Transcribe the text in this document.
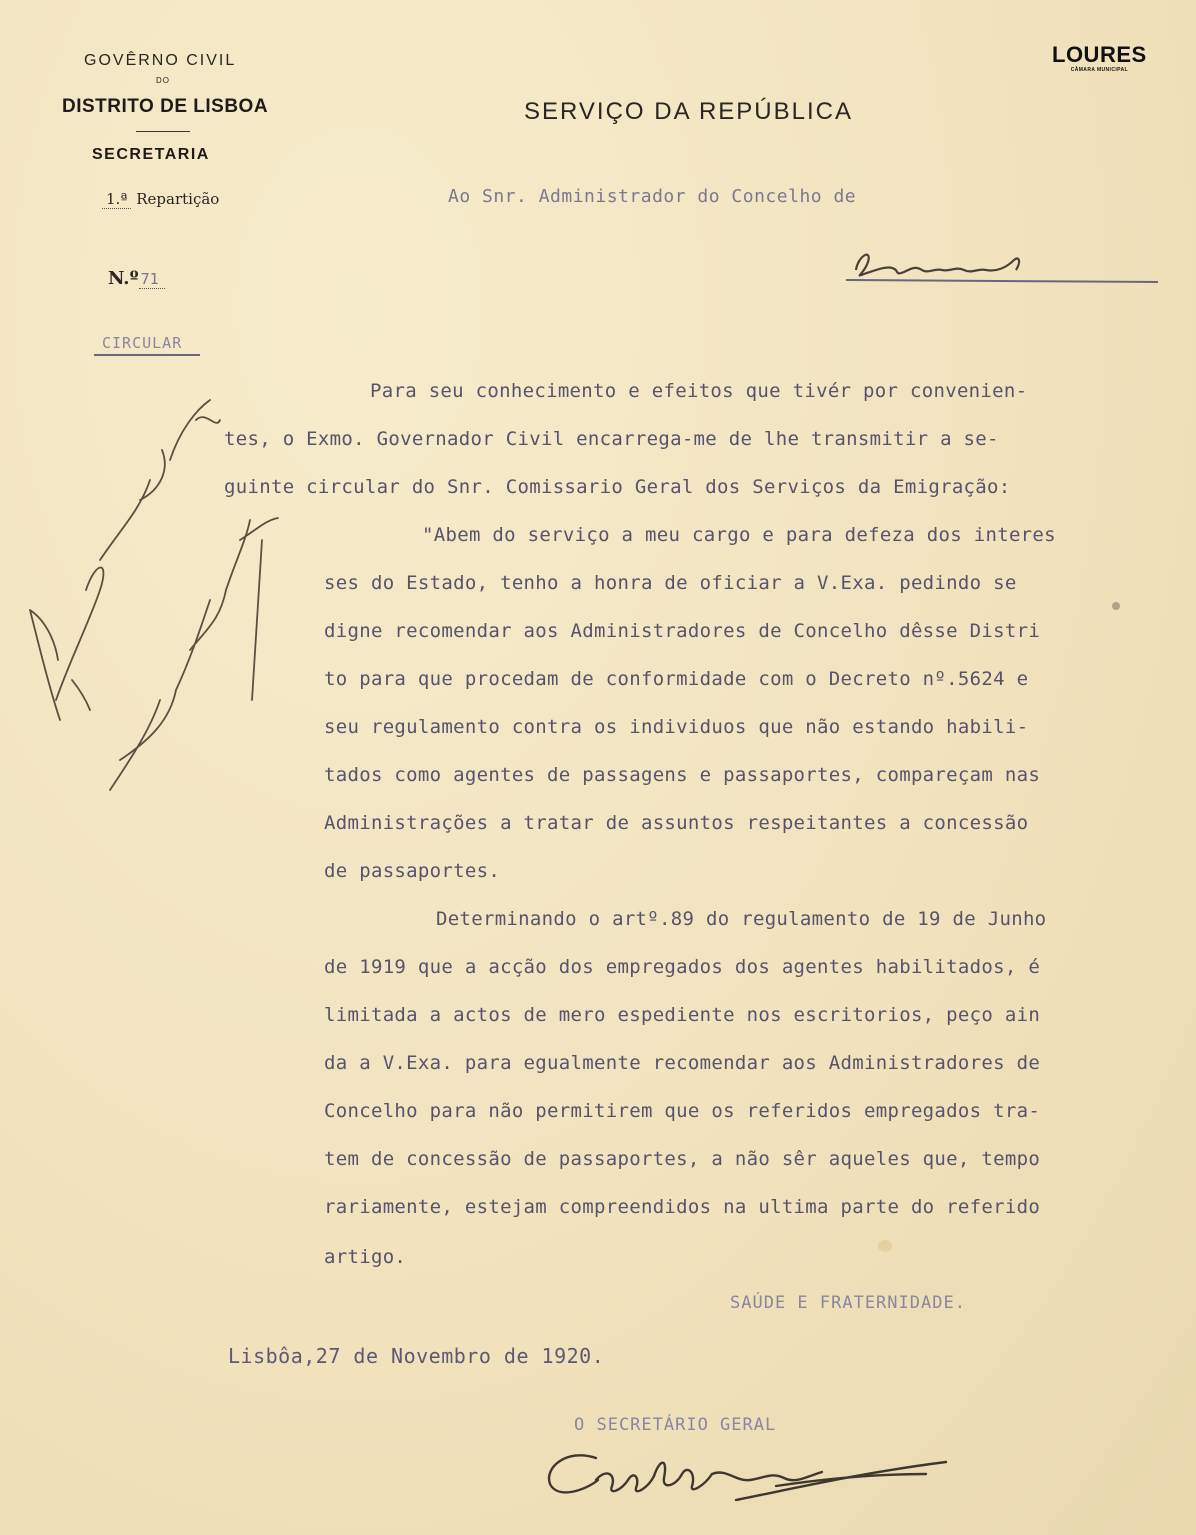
GOVÊRNO CIVIL
DO
DISTRITO DE LISBOA
SECRETARIA
1.ª Repartição
N.º 71
CIRCULAR
SERVIÇO DA REPÚBLICA
LOURES
CÂMARA MUNICIPAL
Ao Snr. Administrador do Concelho de
Para seu conhecimento e efeitos que tivér por convenien-
tes, o Exmo. Governador Civil encarrega-me de lhe transmitir a se-
guinte circular do Snr. Comissario Geral dos Serviços da Emigração:
"Abem do serviço a meu cargo e para defeza dos interes
ses do Estado, tenho a honra de oficiar a V.Exa. pedindo se
digne recomendar aos Administradores de Concelho dêsse Distri
to para que procedam de conformidade com o Decreto nº.5624 e
seu regulamento contra os individuos que não estando habili-
tados como agentes de passagens e passaportes, compareçam nas
Administrações a tratar de assuntos respeitantes a concessão
de passaportes.
Determinando o artº.89 do regulamento de 19 de Junho
de 1919 que a acção dos empregados dos agentes habilitados, é
limitada a actos de mero espediente nos escritorios, peço ain
da a V.Exa. para egualmente recomendar aos Administradores de
Concelho para não permitirem que os referidos empregados tra-
tem de concessão de passaportes, a não sêr aqueles que, tempo
rariamente, estejam compreendidos na ultima parte do referido
artigo.
SAÚDE E FRATERNIDADE.
Lisbôa,27 de Novembro de 1920.
O SECRETÁRIO GERAL
